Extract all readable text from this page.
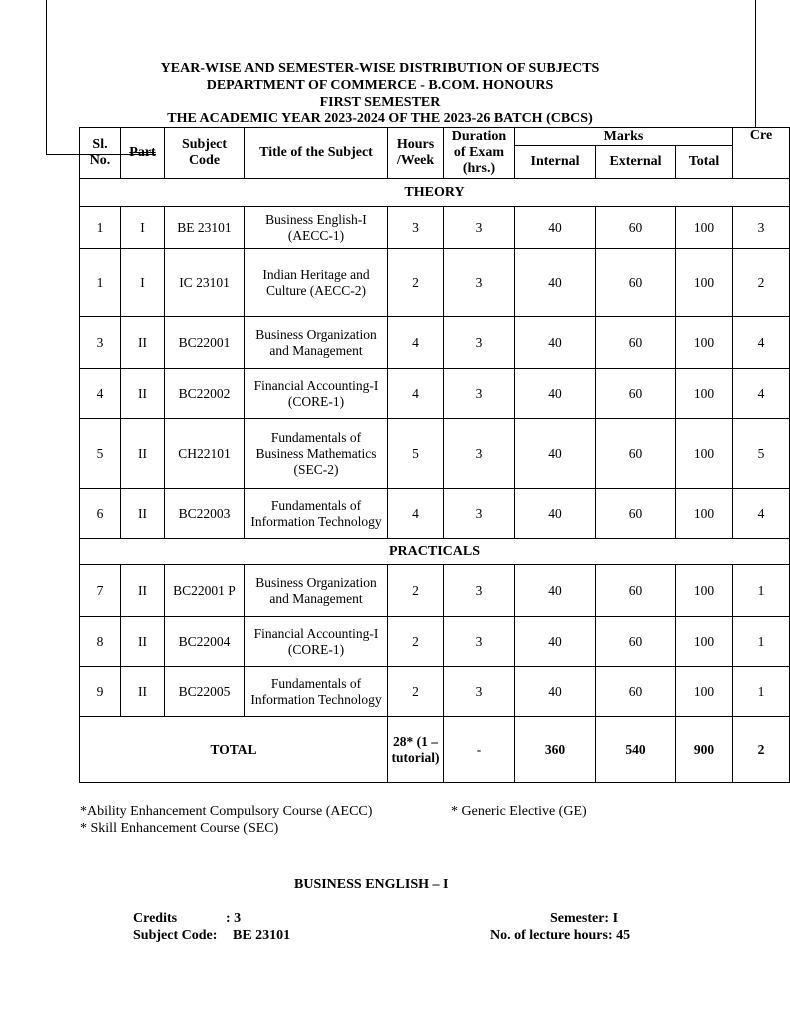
YEAR-WISE AND SEMESTER-WISE DISTRIBUTION OF SUBJECTS
DEPARTMENT OF COMMERCE - B.COM. HONOURS
FIRST SEMESTER
THE ACADEMIC YEAR 2023-2024 OF THE 2023-26 BATCH (CBCS)
Sl. No.	Part	Subject Code	Title of the Subject	Hours /Week	Duration of Exam (hrs.)	Marks			Cre
						Internal	External	Total	
THEORY									
1	I	BE 23101	Business English-I (AECC-1)	3	3	40	60	100	3
1	I	IC 23101	Indian Heritage and Culture (AECC-2)	2	3	40	60	100	2
3	II	BC22001	Business Organization and Management	4	3	40	60	100	4
4	II	BC22002	Financial Accounting-I (CORE-1)	4	3	40	60	100	4
5	II	CH22101	Fundamentals of Business Mathematics (SEC-2)	5	3	40	60	100	5
6	II	BC22003	Fundamentals of Information Technology	4	3	40	60	100	4
PRACTICALS									
7	II	BC22001 P	Business Organization and Management	2	3	40	60	100	1
8	II	BC22004	Financial Accounting-I (CORE-1)	2	3	40	60	100	1
9	II	BC22005	Fundamentals of Information Technology	2	3	40	60	100	1
TOTAL				28* (1 – tutorial)	-	360	540	900	2
*Ability Enhancement Compulsory Course (AECC)	* Generic Elective (GE)
* Skill Enhancement Course (SEC)
BUSINESS ENGLISH – I
Credits	: 3
Subject Code: BE 23101
Semester: I
No. of lecture hours: 45
